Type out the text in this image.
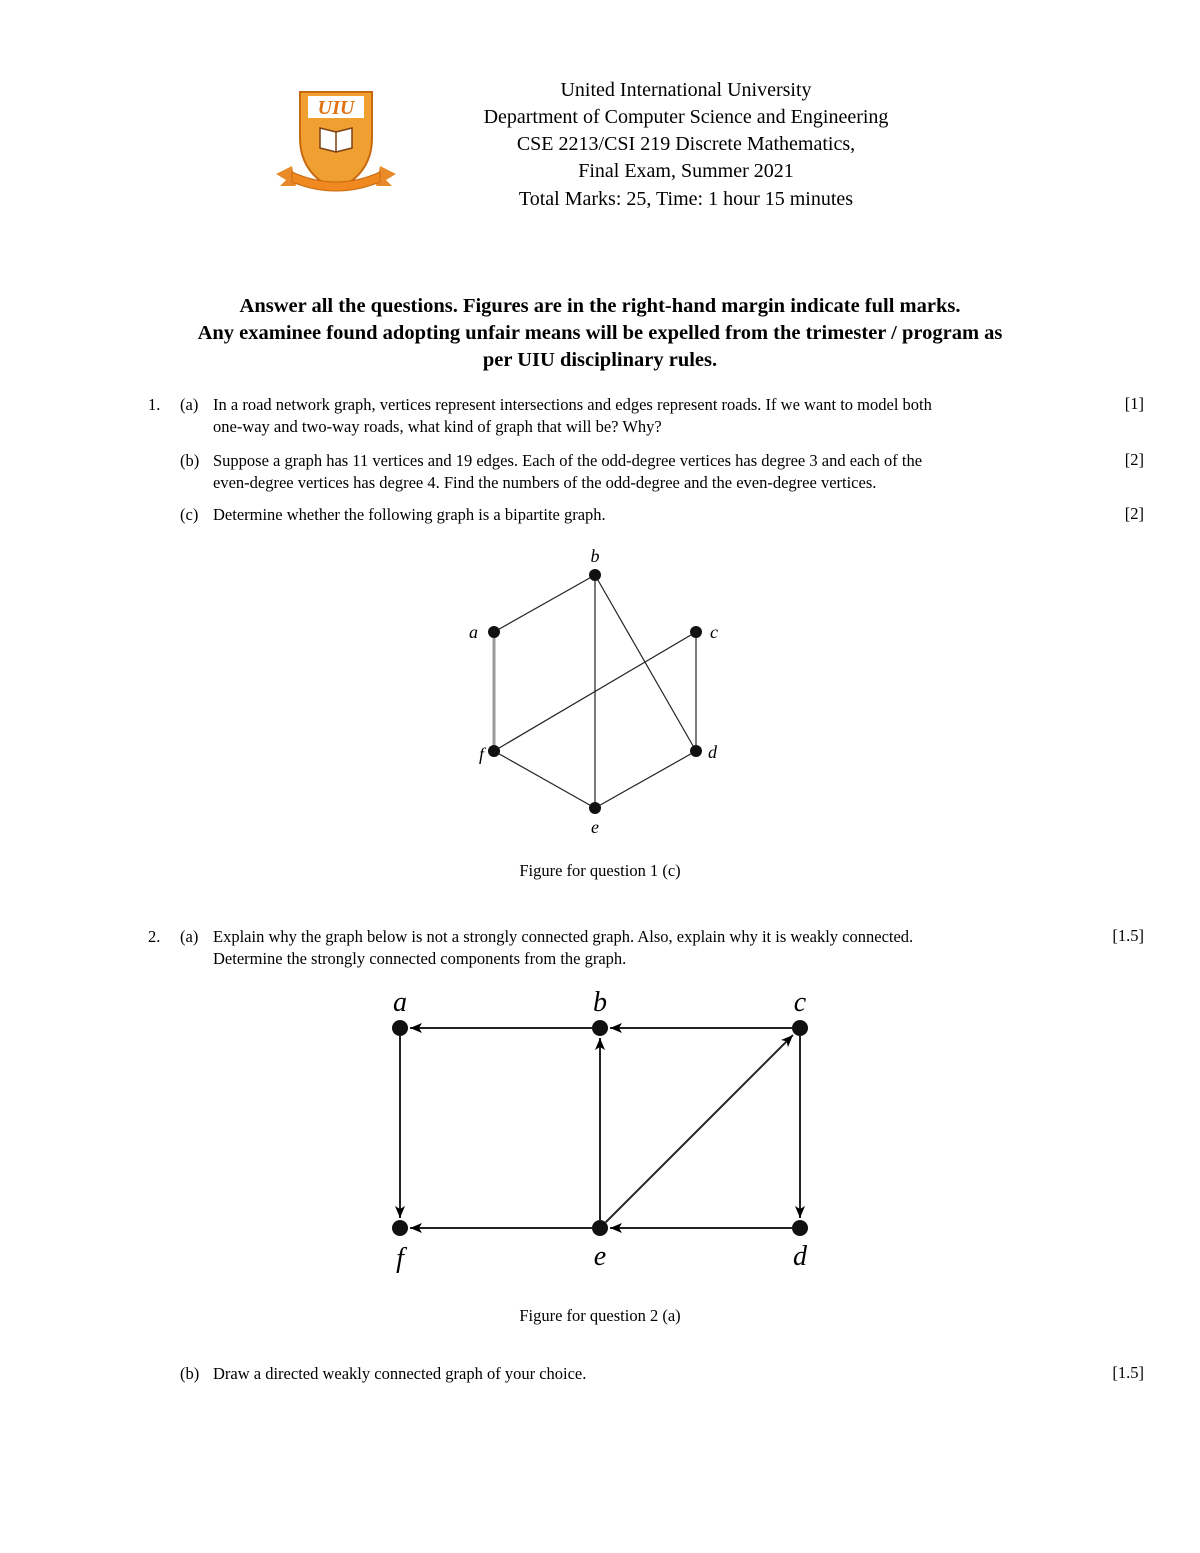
UIU
United International University
Department of Computer Science and Engineering
CSE 2213/CSI 219 Discrete Mathematics,
Final Exam, Summer 2021
Total Marks: 25, Time: 1 hour 15 minutes
Answer all the questions. Figures are in the right-hand margin indicate full marks.
Any examinee found adopting unfair means will be expelled from the trimester / program as
per UIU disciplinary rules.
1. (a) In a road network graph, vertices represent intersections and edges represent roads. If we want to model both
one-way and two-way roads, what kind of graph that will be? Why?
[1]
(b) Suppose a graph has 11 vertices and 19 edges. Each of the odd-degree vertices has degree 3 and each of the
even-degree vertices has degree 4. Find the numbers of the odd-degree and the even-degree vertices.
[2]
(c) Determine whether the following graph is a bipartite graph.	[2]
a
b
c
d
e
f
Figure for question 1 (c)
2. (a) Explain why the graph below is not a strongly connected graph. Also, explain why it is weakly connected.
Determine the strongly connected components from the graph.
[1.5]
a	b	c
d
e
f
Figure for question 2 (a)
(b) Draw a directed weakly connected graph of your choice.	[1.5]
